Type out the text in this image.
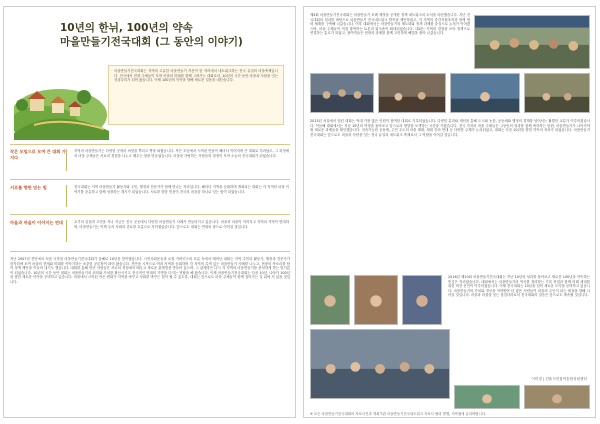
10년의 한뉘, 100년의 약속
마을만들기전국대회 (그 동안의 이야기)

마을만들기전국대회는 지역의 고유한 마을만들기 자산이 한 자리에서 네트워크하는 전국 유일의 마을축제입니다. 전국에서 현장 주체들이 모여 마을의 미래를 함께 그려가는 대회로서, 10년의 시간 동안 마을과 사람을 잇는 징검다리가 되어 왔습니다. 이제 100년의 약속을 향해 새로운 걸음을 내딛습니다.

작은 모임으로 모여 큰 대회 가지다

지역의 마을만들기는 다양한 곳에서 씨앗을 뿌리고 싹을 틔웠습니다. 작은 모임에서 시작된 만남이 해마다 이어지며 큰 대회로 자라났고, 그 과정에서 마을 주체들은 서로의 경험을 나누고 배우는 장을 만들었습니다. 마을을 사랑하는 사람들의 열정이 모여 오늘의 전국대회가 되었습니다.

서로를 향한 믿는 힘	전국대회는 지역 마을만들기 활동가와 주민, 행정과 전문가가 함께 만나는 자리입니다. 해마다 지역을 순회하며 개최되는 대회는 각 지역의 마을 이야기를 공유하고 함께 성장하는 계기가 되었습니다. 서로를 향한 믿음이 전국의 마을을 하나로 잇는 힘이 되었습니다.

마을과 마을이 이어지는 연대	초기의 실험과 고민을 지나 지금은 전국 곳곳에서 다양한 마을만들기 사례가 만들어지고 있습니다. 마을과 마을이 이어지고 지역과 지역이 연대하며, 마을만들기는 이제 우리 사회의 중요한 흐름으로 자리잡았습니다. 앞으로도 대회는 연대의 장으로 이어질 것입니다.

지난 2007년 진안에서 처음 시작된 마을만들기전국대회가 올해로 10년을 맞이했습니다. 시민사회운동과 로컬 거버넌스의 흐름 속에서 태어난 대회는 지역 주민과 활동가, 행정과 전문가가 한자리에 모여 마을의 현재와 미래를 이야기하는 소중한 공론장이 되어 왔습니다. 진안을 시작으로 여러 지역을 순회하며 각 지역의 특색 있는 마을만들기 사례를 나누고, 현장의 목소리를 담아 정책 제안을 이끌어 내기도 했습니다. 대회를 통해 만난 사람들은 서로의 경험에서 배우고 새로운 관계망을 만들어 갔으며, 그 관계망은 다시 각 지역의 마을만들기를 풍성하게 하는 밑거름이 되었습니다. 10년의 시간 동안 대회는 마을만들기의 의미와 가치를 확산시키고 전국적인 연대의 기반을 다지는 역할을 해 왔습니다. 이제 마을만들기전국대회는 다음 10년, 나아가 100년을 향한 새로운 약속을 준비하고 있습니다. 마을에서 시작된 작은 변화가 지역을 바꾸고 사회를 바꾸는 힘이 될 수 있도록, 대회는 앞으로도 마을 주체들이 함께 걸어가는 길 위에 서 있을 것입니다.

제4회 마을만들기전국대회는 마을만들기 조례 제정을 공개한 정책 네트워크의 초석을 마련했습니다. 지난 전국대회의 성과를 바탕으로 마을만들기 전국네트워크 발족을 제안하였고, 각 지역의 중간지원조직과 함께 협력 체계를 구축해 나갔습니다. 이후 대회에서는 마을만들기의 제도화와 정책 과제를 중심으로 논의가 이어졌으며, 마을 주체들이 직접 참여하는 토론과 워크숍이 확대되었습니다. 대회는 지역의 경험을 모아 정책으로 연결하는 통로가 되었고, 참여자들은 현장의 과제를 함께 고민하며 해법을 찾아 나갔습니다.

2015년 서울에서 열린 대회는 역대 가장 많은 인원이 참여한 대회로 기록되었습니다. 다양한 분과와 세션을 통해 도시와 농촌, 공동체와 행정의 경계를 넘어서는 활발한 교류가 이루어졌습니다. 이듬해 대회에서는 지난 10년의 여정을 돌아보고 앞으로의 방향을 모색하는 시간을 가졌습니다. 전국 각지의 마을 주체들은 그동안의 성과를 함께 축하하는 한편, 마을만들기가 나아가야 할 새로운 과제들을 확인했습니다. 지속가능한 공동체, 주민 주도의 마을 계획, 세대 간의 연대 등 다양한 주제가 논의되었고, 대회는 다음 10년을 향한 약속의 자리가 되었습니다. 마을만들기전국대회는 앞으로도 마을과 사람을 잇는 전국 유일의 네트워크 축제로서 그 역할을 이어갈 것입니다.

2016년 제10회 마을만들기전국대회는 지난 10년의 성과를 돌아보고 새로운 100년을 약속하는 뜻깊은 자리였습니다. 대회에서는 마을만들기의 역사를 정리하는 기록 작업과 함께 미래 세대를 위한 비전 선언이 이루어졌습니다. 이제 전국대회는 10년을 넘어 새로운 도약을 준비하고 있습니다. 마을만들기의 가치와 정신을 이어받아 더 많은 사람들이 마을의 주인이 되는 세상을 향해 나아갈 것입니다. 마을과 마을을 잇는 징검다리로서 전국대회의 걸음은 앞으로도 계속될 것입니다.

이미경 | 진흙시민참여통합성원센터
※ 모든 마을만들기전국대회의 자료사진과 개최기관 마을만들기전국네트워크 자료사 협력 발행, 저작권에 유의바랍니다.
